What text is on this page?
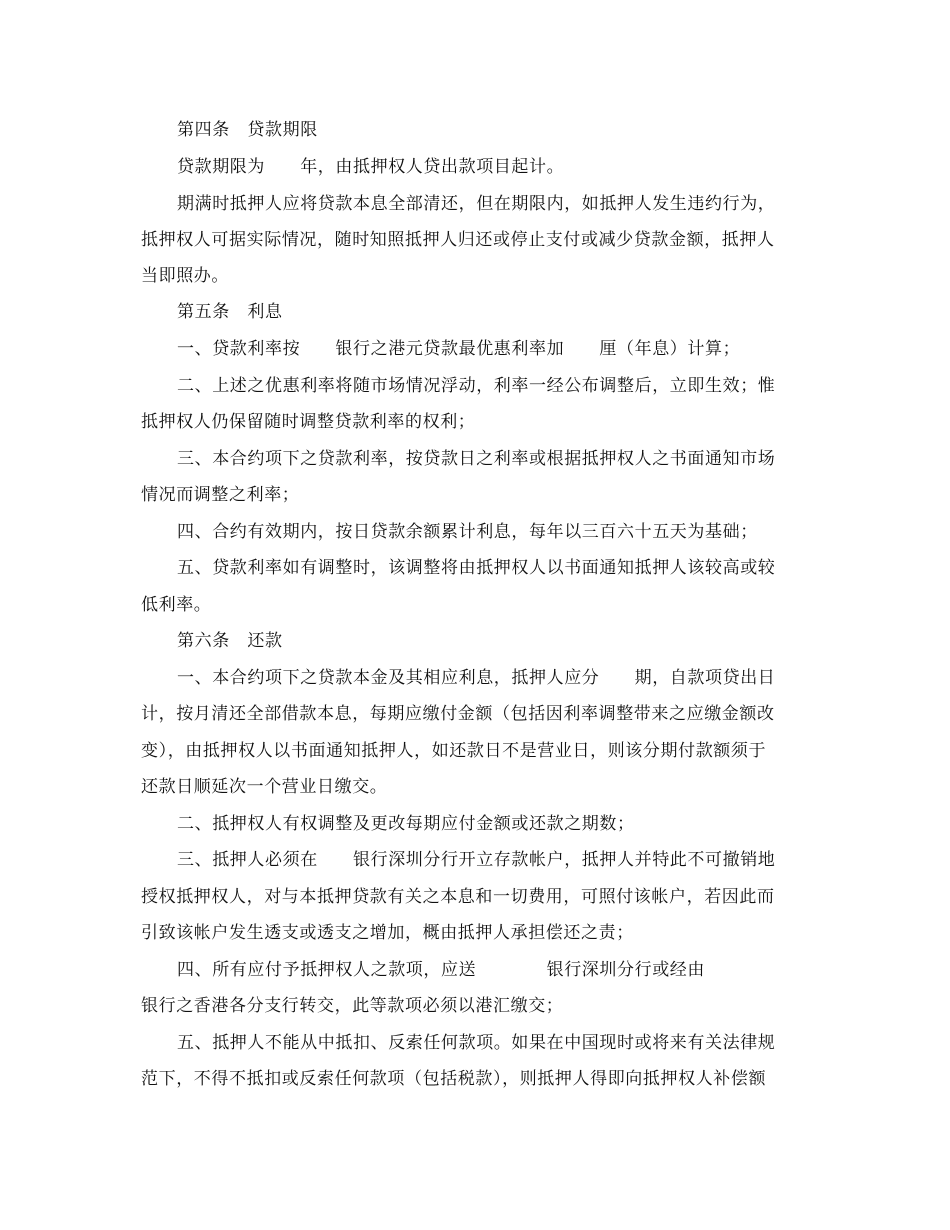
第四条　贷款期限
贷款期限为　　年，由抵押权人贷出款项目起计。
期满时抵押人应将贷款本息全部清还，但在期限内，如抵押人发生违约行为，
抵押权人可据实际情况，随时知照抵押人归还或停止支付或减少贷款金额，抵押人
当即照办。
第五条　利息
一、贷款利率按　　银行之港元贷款最优惠利率加　　厘（年息）计算；
二、上述之优惠利率将随市场情况浮动，利率一经公布调整后，立即生效；惟
抵押权人仍保留随时调整贷款利率的权利；
三、本合约项下之贷款利率，按贷款日之利率或根据抵押权人之书面通知市场
情况而调整之利率；
四、合约有效期内，按日贷款余额累计利息，每年以三百六十五天为基础；
五、贷款利率如有调整时，该调整将由抵押权人以书面通知抵押人该较高或较
低利率。
第六条　还款
一、本合约项下之贷款本金及其相应利息，抵押人应分　　期，自款项贷出日
计，按月清还全部借款本息，每期应缴付金额（包括因利率调整带来之应缴金额改
变），由抵押权人以书面通知抵押人，如还款日不是营业日，则该分期付款额须于
还款日顺延次一个营业日缴交。
二、抵押权人有权调整及更改每期应付金额或还款之期数；
三、抵押人必须在　　银行深圳分行开立存款帐户，抵押人并特此不可撤销地
授权抵押权人，对与本抵押贷款有关之本息和一切费用，可照付该帐户，若因此而
引致该帐户发生透支或透支之增加，概由抵押人承担偿还之责；
四、所有应付予抵押权人之款项，应送　　　　银行深圳分行或经由
银行之香港各分支行转交，此等款项必须以港汇缴交；
五、抵押人不能从中抵扣、反索任何款项。如果在中国现时或将来有关法律规
范下，不得不抵扣或反索任何款项（包括税款），则抵押人得即向抵押权人补偿额
